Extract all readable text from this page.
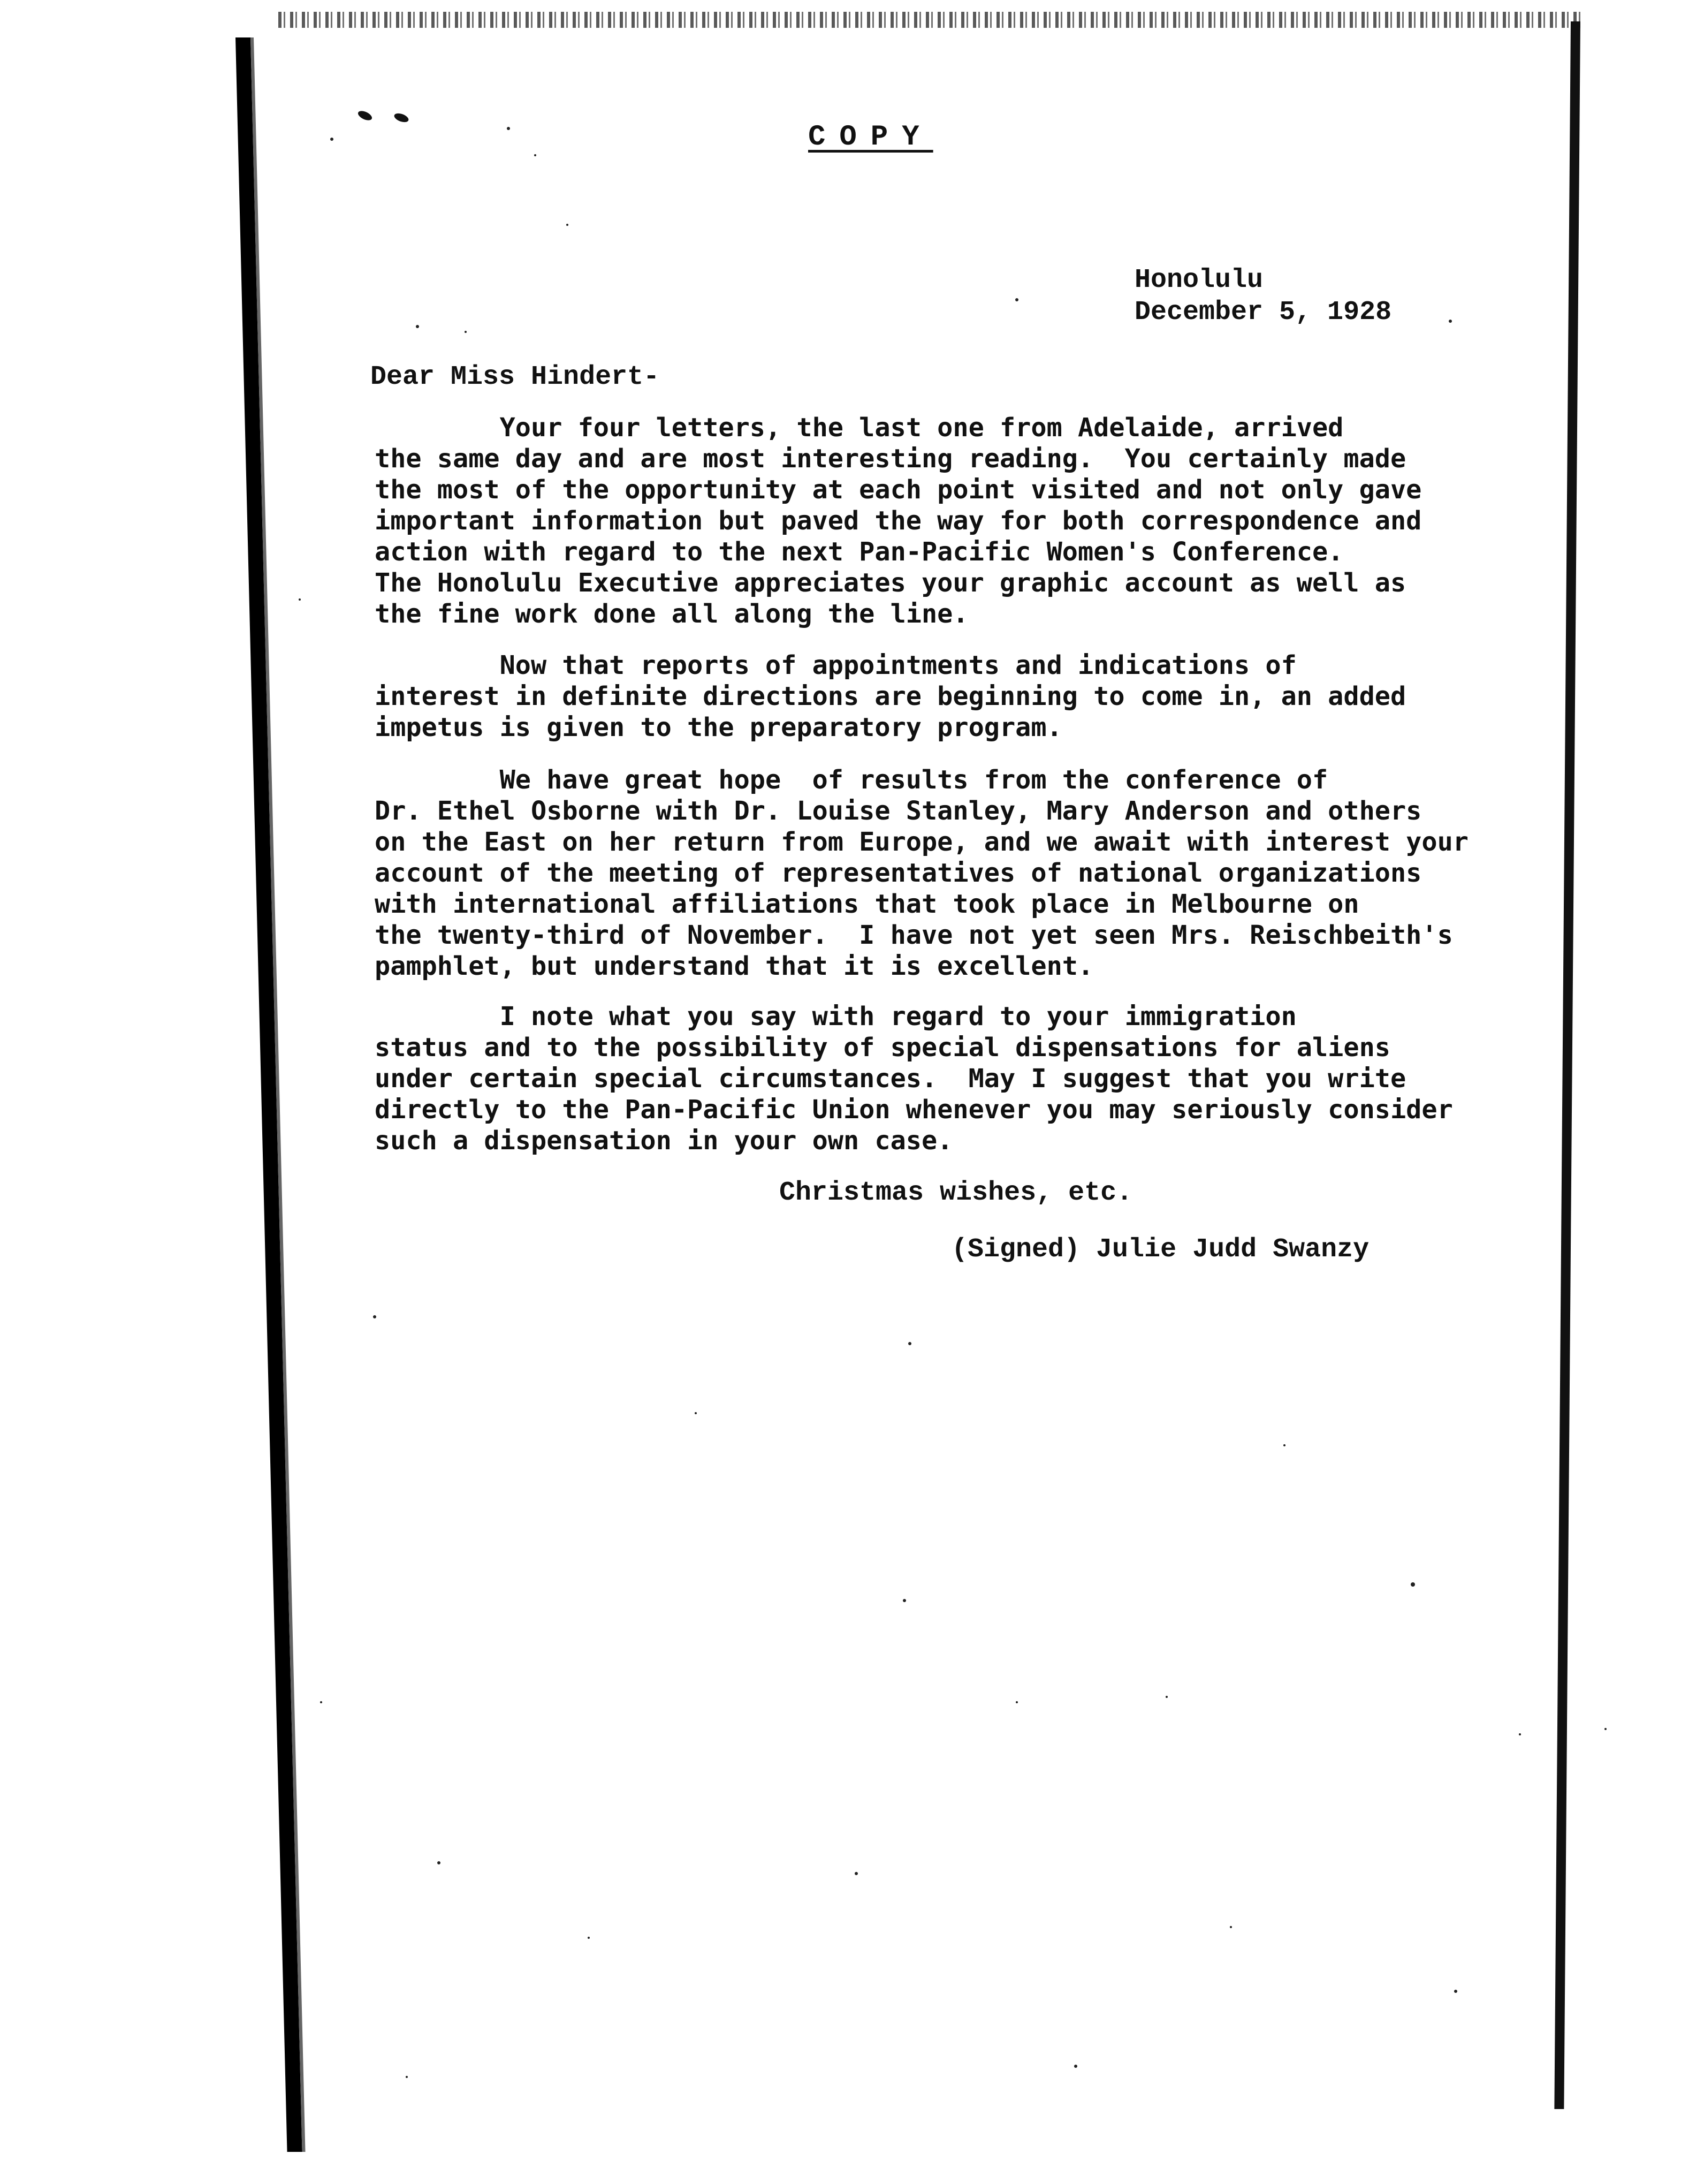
COPY
Honolulu
December 5, 1928
Dear Miss Hindert-
Your four letters, the last one from Adelaide, arrived
the same day and are most interesting reading.  You certainly made
the most of the opportunity at each point visited and not only gave
important information but paved the way for both correspondence and
action with regard to the next Pan-Pacific Women's Conference.
The Honolulu Executive appreciates your graphic account as well as
the fine work done all along the line.
Now that reports of appointments and indications of
interest in definite directions are beginning to come in, an added
impetus is given to the preparatory program.
We have great hope  of results from the conference of
Dr. Ethel Osborne with Dr. Louise Stanley, Mary Anderson and others
on the East on her return from Europe, and we await with interest your
account of the meeting of representatives of national organizations
with international affiliations that took place in Melbourne on
the twenty-third of November.  I have not yet seen Mrs. Reischbeith's
pamphlet, but understand that it is excellent.
I note what you say with regard to your immigration
status and to the possibility of special dispensations for aliens
under certain special circumstances.  May I suggest that you write
directly to the Pan-Pacific Union whenever you may seriously consider
such a dispensation in your own case.
Christmas wishes, etc.
(Signed) Julie Judd Swanzy
